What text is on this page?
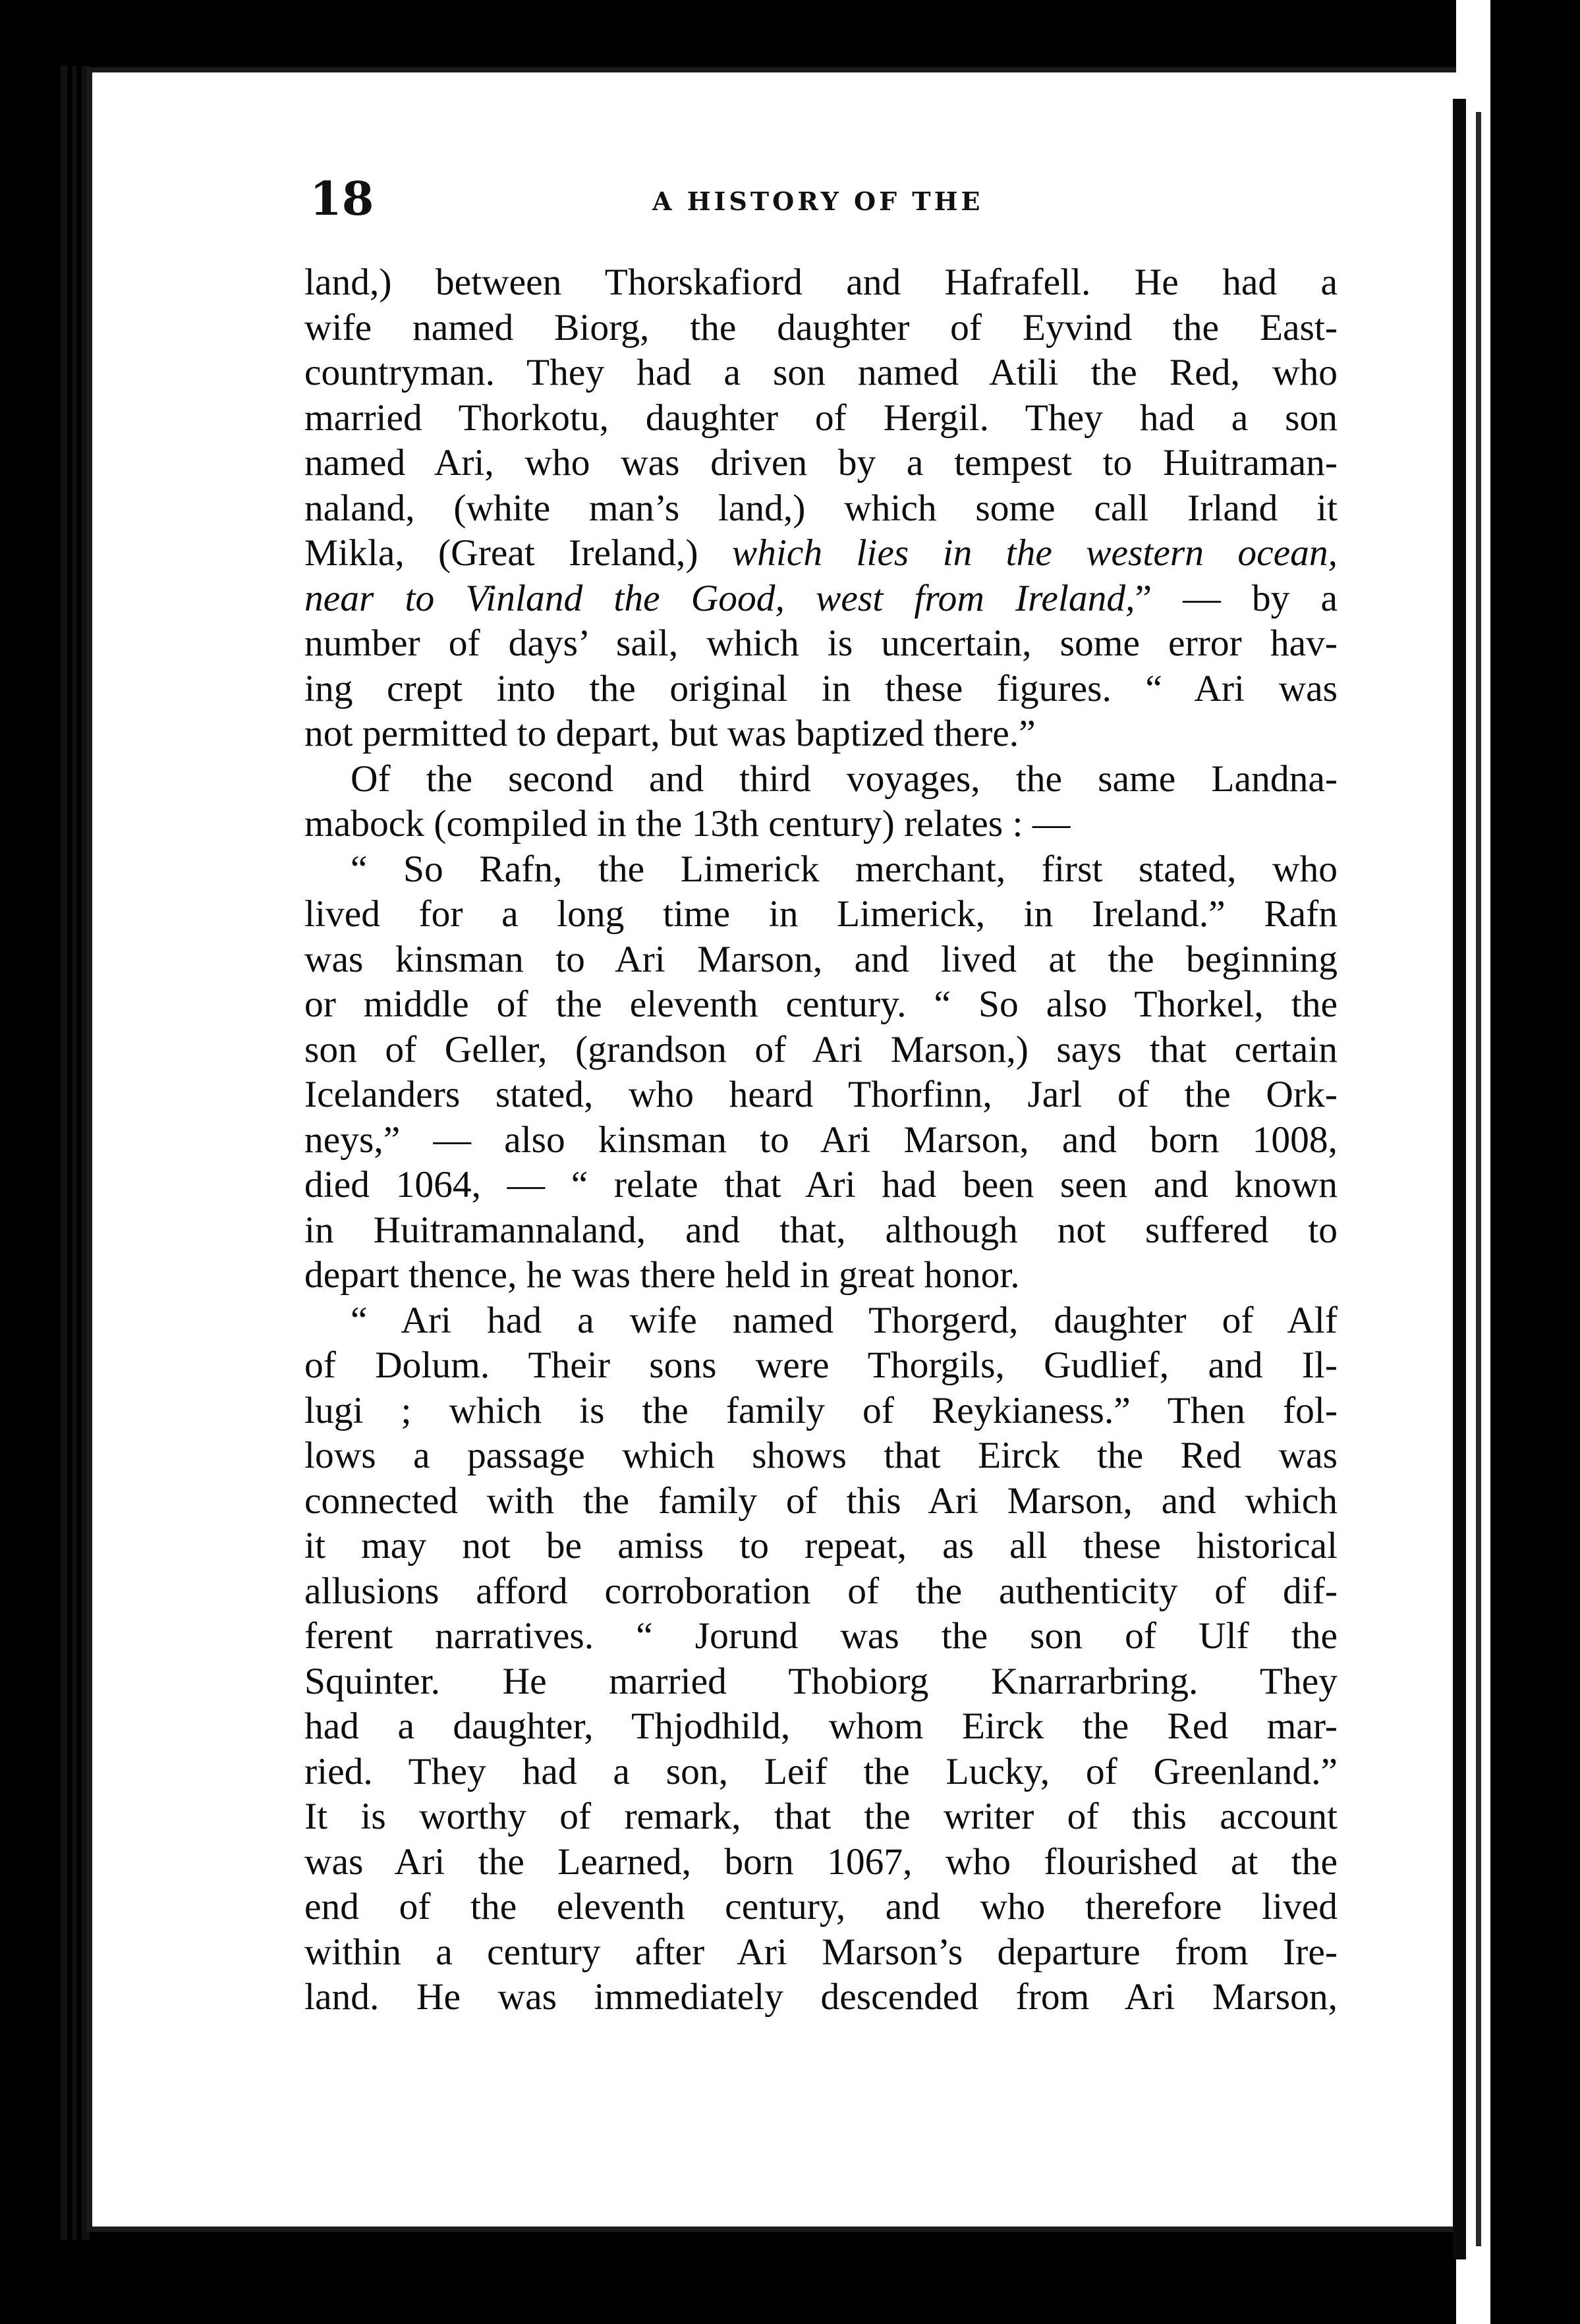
18	A HISTORY OF THE
land,) between Thorskafiord and Hafrafell. He had a
wife named Biorg, the daughter of Eyvind the East-
countryman. They had a son named Atili the Red, who
married Thorkotu, daughter of Hergil. They had a son
named Ari, who was driven by a tempest to Huitraman-
naland, (white man’s land,) which some call Irland it
Mikla, (Great Ireland,) which lies in the western ocean,
near to Vinland the Good, west from Ireland,” — by a
number of days’ sail, which is uncertain, some error hav-
ing crept into the original in these figures. “ Ari was
not permitted to depart, but was baptized there.”
Of the second and third voyages, the same Landna-
mabock (compiled in the 13th century) relates : —
“ So Rafn, the Limerick merchant, first stated, who
lived for a long time in Limerick, in Ireland.” Rafn
was kinsman to Ari Marson, and lived at the beginning
or middle of the eleventh century. “ So also Thorkel, the
son of Geller, (grandson of Ari Marson,) says that certain
Icelanders stated, who heard Thorfinn, Jarl of the Ork-
neys,” — also kinsman to Ari Marson, and born 1008,
died 1064, — “ relate that Ari had been seen and known
in Huitramannaland, and that, although not suffered to
depart thence, he was there held in great honor.
“ Ari had a wife named Thorgerd, daughter of Alf
of Dolum. Their sons were Thorgils, Gudlief, and Il-
lugi ; which is the family of Reykianess.” Then fol-
lows a passage which shows that Eirck the Red was
connected with the family of this Ari Marson, and which
it may not be amiss to repeat, as all these historical
allusions afford corroboration of the authenticity of dif-
ferent narratives. “ Jorund was the son of Ulf the
Squinter. He married Thobiorg Knarrarbring. They
had a daughter, Thjodhild, whom Eirck the Red mar-
ried. They had a son, Leif the Lucky, of Greenland.”
It is worthy of remark, that the writer of this account
was Ari the Learned, born 1067, who flourished at the
end of the eleventh century, and who therefore lived
within a century after Ari Marson’s departure from Ire-
land. He was immediately descended from Ari Marson,
